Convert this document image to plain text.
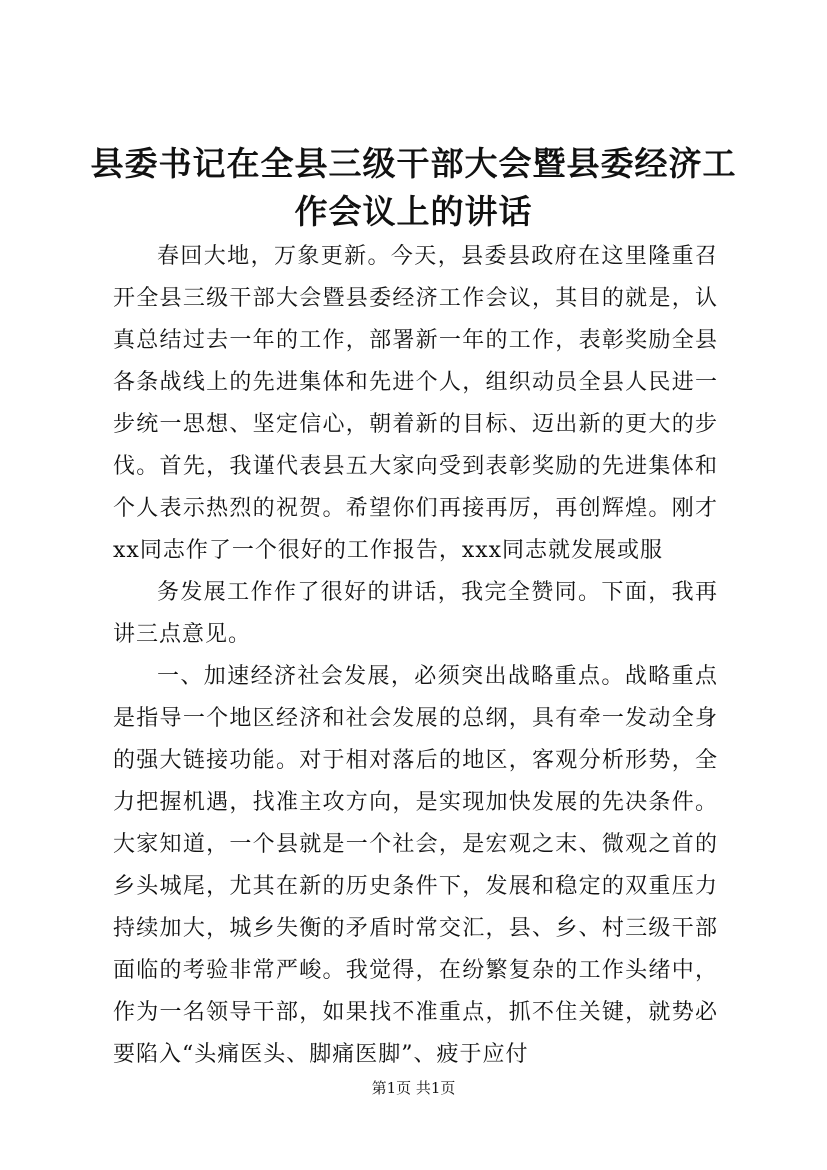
县委书记在全县三级干部大会暨县委经济工作会议上的讲话

春回大地，万象更新。今天，县委县政府在这里隆重召开全县三级干部大会暨县委经济工作会议，其目的就是，认真总结过去一年的工作，部署新一年的工作，表彰奖励全县各条战线上的先进集体和先进个人，组织动员全县人民进一步统一思想、坚定信心，朝着新的目标、迈出新的更大的步伐。首先，我谨代表县五大家向受到表彰奖励的先进集体和个人表示热烈的祝贺。希望你们再接再厉，再创辉煌。刚才xx同志作了一个很好的工作报告，xxx同志就发展或服

务发展工作作了很好的讲话，我完全赞同。下面，我再讲三点意见。

一、加速经济社会发展，必须突出战略重点。战略重点是指导一个地区经济和社会发展的总纲，具有牵一发动全身的强大链接功能。对于相对落后的地区，客观分析形势，全力把握机遇，找准主攻方向，是实现加快发展的先决条件。大家知道，一个县就是一个社会，是宏观之末、微观之首的乡头城尾，尤其在新的历史条件下，发展和稳定的双重压力持续加大，城乡失衡的矛盾时常交汇，县、乡、村三级干部面临的考验非常严峻。我觉得，在纷繁复杂的工作头绪中，作为一名领导干部，如果找不准重点，抓不住关键，就势必要陷入“头痛医头、脚痛医脚”、疲于应付

第1页 共1页
